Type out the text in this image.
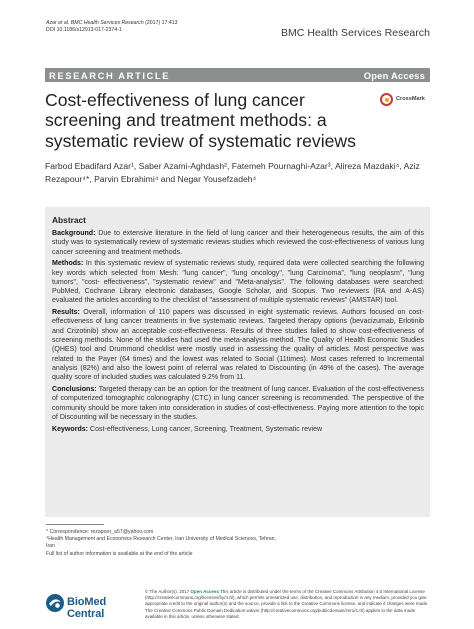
Azar et al. BMC Health Services Research (2017) 17:413
DOI 10.1186/s12913-017-2374-1	BMC Health Services Research
RESEARCH ARTICLE	Open Access
Cost-effectiveness of lung cancer screening and treatment methods: a systematic review of systematic reviews
CrossMark
Farbod Ebadifard Azar¹, Saber Azami-Aghdash², Fatemeh Pournaghi-Azar³, Alireza Mazdaki⁴, Aziz Rezapour⁴*, Parvin Ebrahimi⁴ and Negar Yousefzadeh⁴
Abstract

Background: Due to extensive literature in the field of lung cancer and their heterogeneous results, the aim of this study was to systematically review of systematic reviews studies which reviewed the cost-effectiveness of various lung cancer screening and treatment methods.

Methods: In this systematic review of systematic reviews study, required data were collected searching the following key words which selected from Mesh: "lung cancer", "lung oncology", "lung Carcinoma", "lung neoplasm", "lung tumors", "cost- effectiveness", "systematic review" and "Meta-analysis". The following databases were searched: PubMed, Cochrane Library electronic databases, Google Scholar, and Scopus. Two reviewers (RA and A-AS) evaluated the articles according to the checklist of "assessment of multiple systematic reviews" (AMSTAR) tool.

Results: Overall, information of 110 papers was discussed in eight systematic reviews. Authors focused on cost-effectiveness of lung cancer treatments in five systematic reviews. Targeted therapy options (bevacizumab, Erlotinib and Crizotinib) show an acceptable cost-effectiveness. Results of three studies failed to show cost-effectiveness of screening methods. None of the studies had used the meta-analysis method. The Quality of Health Economic Studies (QHES) tool and Drummond checklist were mostly used in assessing the quality of articles. Most perspective was related to the Payer (64 times) and the lowest was related to Social (11times). Most cases referred to Incremental analysis (82%) and also the lowest point of referral was related to Discounting (in 49% of the cases). The average quality score of included studies was calculated 9.2% from 11.

Conclusions: Targeted therapy can be an option for the treatment of lung cancer. Evaluation of the cost-effectiveness of computerized tomographic colonography (CTC) in lung cancer screening is recommended. The perspective of the community should be more taken into consideration in studies of cost-effectiveness. Paying more attention to the topic of Discounting will be necessary in the studies.

Keywords: Cost-effectiveness, Lung cancer, Screening, Treatment, Systematic review

* Correspondence: rezapoor_a57@yahoo.com
⁴Health Management and Economics Research Center, Iran University of Medical Sciences, Tehran, Iran
Full list of author information is available at the end of the article
BioMed Central
© The Author(s). 2017 Open Access This article is distributed under the terms of the Creative Commons Attribution 4.0 International License (http://creativecommons.org/licenses/by/4.0/), which permits unrestricted use, distribution, and reproduction in any medium, provided you give appropriate credit to the original author(s) and the source, provide a link to the Creative Commons license, and indicate if changes were made. The Creative Commons Public Domain Dedication waiver (http://creativecommons.org/publicdomain/zero/1.0/) applies to the data made available in this article, unless otherwise stated.
